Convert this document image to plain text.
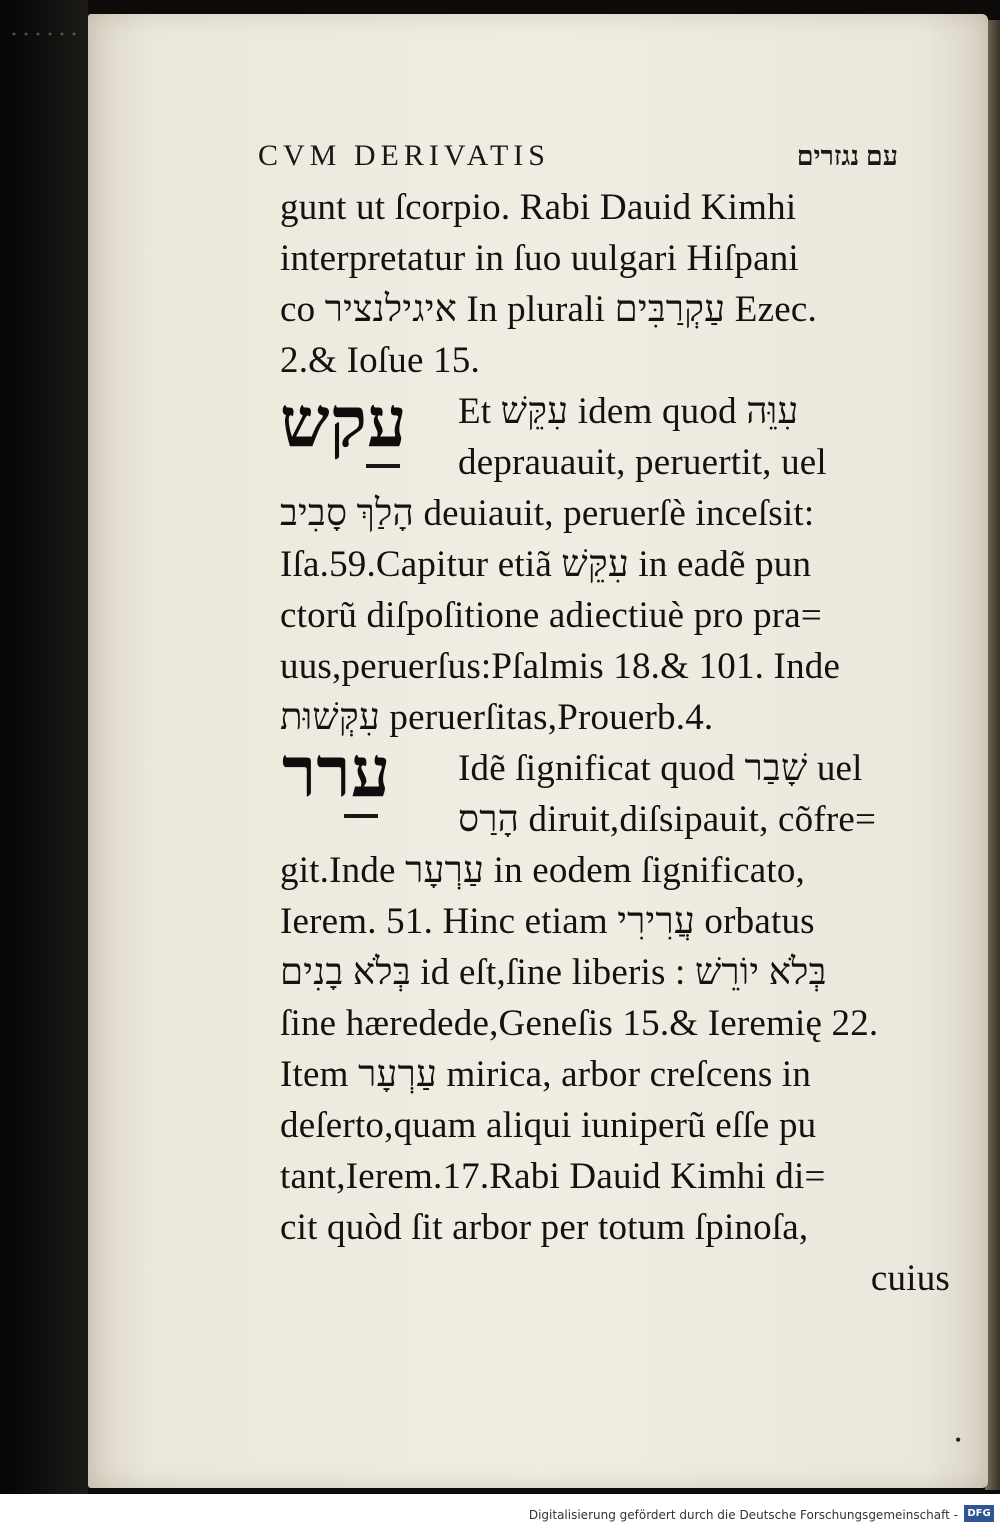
CVM DERIVATIS	עם נגזרים
עקש
ערר
gunt ut ſcorpio. Rabi Dauid Kimhi
interpretatur in ſuo uulgari Hiſpani
co איגילנציר In plurali עַקְרַבִּים Ezec.
2.& Ioſue 15.
Et עִקֵּשׁ idem quod עִוֵּה
deprauauit, peruertit, uel
הָלַךְ סָבִיב deuiauit, peruerſè inceſsit:
Iſa.59.Capitur etiã עִקֵּשׁ in eadẽ pun
ctorũ diſpoſitione adiectiuè pro pra=
uus,peruerſus:Pſalmis 18.& 101. Inde
עִקְּשׁוּת peruerſitas,Prouerb.4.
Idẽ ſignificat quod שָׁבַר uel
הָרַס diruit,diſsipauit, cõfre=
git.Inde עַרְעָר in eodem ſignificato,
Ierem. 51. Hinc etiam עֲרִירִי orbatus
בְּלֹא בָנִים id eſt,ſine liberis : בְּלֹא יוֹרֵשׁ
ſine hæredede,Geneſis 15.& Ieremię 22.
Item עַרְעָר mirica, arbor creſcens in
deſerto,quam aliqui iuniperũ eſſe pu
tant,Ierem.17.Rabi Dauid Kimhi di=
cit quòd ſit arbor per totum ſpinoſa,
cuius
•
Digitalisierung gefördert durch die Deutsche Forschungsgemeinschaft - DFG
